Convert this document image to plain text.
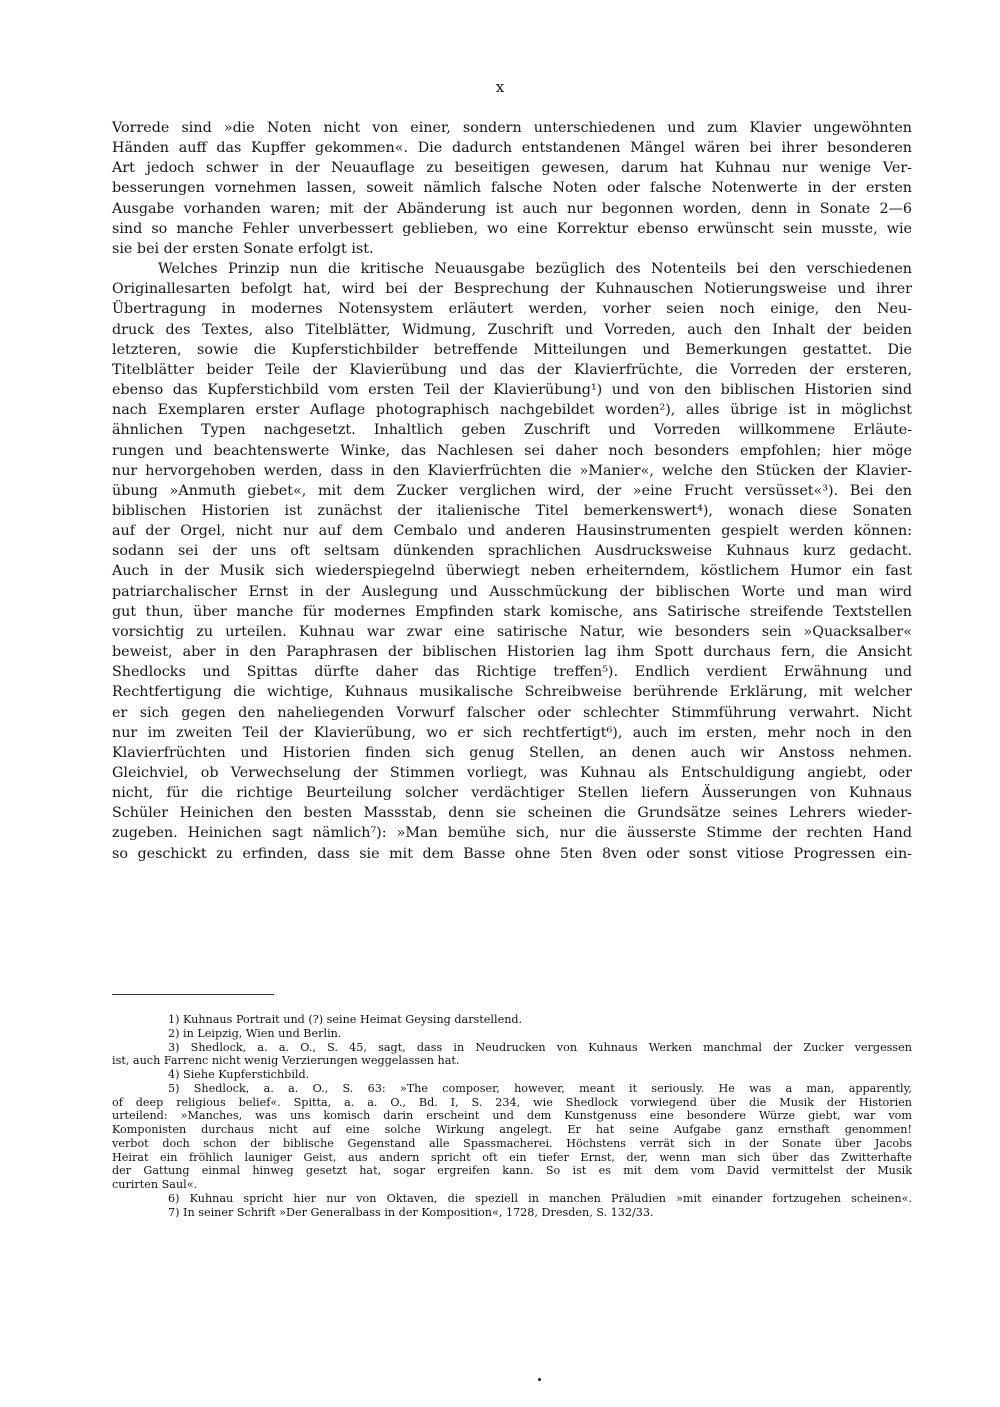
x

Vorrede sind »die Noten nicht von einer, sondern unterschiedenen und zum Klavier ungewöhnten

Händen auff das Kupffer gekommen«. Die dadurch entstandenen Mängel wären bei ihrer besonderen

Art jedoch schwer in der Neuauflage zu beseitigen gewesen, darum hat Kuhnau nur wenige Ver-

besserungen vornehmen lassen, soweit nämlich falsche Noten oder falsche Notenwerte in der ersten

Ausgabe vorhanden waren; mit der Abänderung ist auch nur begonnen worden, denn in Sonate 2—6

sind so manche Fehler unverbessert geblieben, wo eine Korrektur ebenso erwünscht sein musste, wie

sie bei der ersten Sonate erfolgt ist.

Welches Prinzip nun die kritische Neuausgabe bezüglich des Notenteils bei den verschiedenen

Originallesarten befolgt hat, wird bei der Besprechung der Kuhnauschen Notierungsweise und ihrer

Übertragung in modernes Notensystem erläutert werden, vorher seien noch einige, den Neu-

druck des Textes, also Titelblätter, Widmung, Zuschrift und Vorreden, auch den Inhalt der beiden

letzteren, sowie die Kupferstichbilder betreffende Mitteilungen und Bemerkungen gestattet. Die

Titelblätter beider Teile der Klavierübung und das der Klavierfrüchte, die Vorreden der ersteren,

ebenso das Kupferstichbild vom ersten Teil der Klavierübung¹) und von den biblischen Historien sind

nach Exemplaren erster Auflage photographisch nachgebildet worden²), alles übrige ist in möglichst

ähnlichen Typen nachgesetzt. Inhaltlich geben Zuschrift und Vorreden willkommene Erläute-

rungen und beachtenswerte Winke, das Nachlesen sei daher noch besonders empfohlen; hier möge

nur hervorgehoben werden, dass in den Klavierfrüchten die »Manier«, welche den Stücken der Klavier-

übung »Anmuth giebet«, mit dem Zucker verglichen wird, der »eine Frucht versüsset«³). Bei den

biblischen Historien ist zunächst der italienische Titel bemerkenswert⁴), wonach diese Sonaten

auf der Orgel, nicht nur auf dem Cembalo und anderen Hausinstrumenten gespielt werden können:

sodann sei der uns oft seltsam dünkenden sprachlichen Ausdrucksweise Kuhnaus kurz gedacht.

Auch in der Musik sich wiederspiegelnd überwiegt neben erheiterndem, köstlichem Humor ein fast

patriarchalischer Ernst in der Auslegung und Ausschmückung der biblischen Worte und man wird

gut thun, über manche für modernes Empfinden stark komische, ans Satirische streifende Textstellen

vorsichtig zu urteilen. Kuhnau war zwar eine satirische Natur, wie besonders sein »Quacksalber«

beweist, aber in den Paraphrasen der biblischen Historien lag ihm Spott durchaus fern, die Ansicht

Shedlocks und Spittas dürfte daher das Richtige treffen⁵). Endlich verdient Erwähnung und

Rechtfertigung die wichtige, Kuhnaus musikalische Schreibweise berührende Erklärung, mit welcher

er sich gegen den naheliegenden Vorwurf falscher oder schlechter Stimmführung verwahrt. Nicht

nur im zweiten Teil der Klavierübung, wo er sich rechtfertigt⁶), auch im ersten, mehr noch in den

Klavierfrüchten und Historien finden sich genug Stellen, an denen auch wir Anstoss nehmen.

Gleichviel, ob Verwechselung der Stimmen vorliegt, was Kuhnau als Entschuldigung angiebt, oder

nicht, für die richtige Beurteilung solcher verdächtiger Stellen liefern Äusserungen von Kuhnaus

Schüler Heinichen den besten Massstab, denn sie scheinen die Grundsätze seines Lehrers wieder-

zugeben. Heinichen sagt nämlich⁷): »Man bemühe sich, nur die äusserste Stimme der rechten Hand

so geschickt zu erfinden, dass sie mit dem Basse ohne 5ten 8ven oder sonst vitiose Progressen ein-

1) Kuhnaus Portrait und (?) seine Heimat Geysing darstellend.

2) in Leipzig, Wien und Berlin.

3) Shedlock, a. a. O., S. 45, sagt, dass in Neudrucken von Kuhnaus Werken manchmal der Zucker vergessen

ist, auch Farrenc nicht wenig Verzierungen weggelassen hat.

4) Siehe Kupferstichbild.

5) Shedlock, a. a. O., S. 63: »The composer, however, meant it seriously. He was a man, apparently,

of deep religious belief«. Spitta, a. a. O., Bd. I, S. 234, wie Shedlock vorwiegend über die Musik der Historien

urteilend: »Manches, was uns komisch darin erscheint und dem Kunstgenuss eine besondere Würze giebt, war vom

Komponisten durchaus nicht auf eine solche Wirkung angelegt. Er hat seine Aufgabe ganz ernsthaft genommen!

verbot doch schon der biblische Gegenstand alle Spassmacherei. Höchstens verrät sich in der Sonate über Jacobs

Heirat ein fröhlich launiger Geist, aus andern spricht oft ein tiefer Ernst, der, wenn man sich über das Zwitterhafte

der Gattung einmal hinweg gesetzt hat, sogar ergreifen kann. So ist es mit dem vom David vermittelst der Musik

curirten Saul«.

6) Kuhnau spricht hier nur von Oktaven, die speziell in manchen Präludien »mit einander fortzugehen scheinen«.

7) In seiner Schrift »Der Generalbass in der Komposition«, 1728, Dresden, S. 132/33.
